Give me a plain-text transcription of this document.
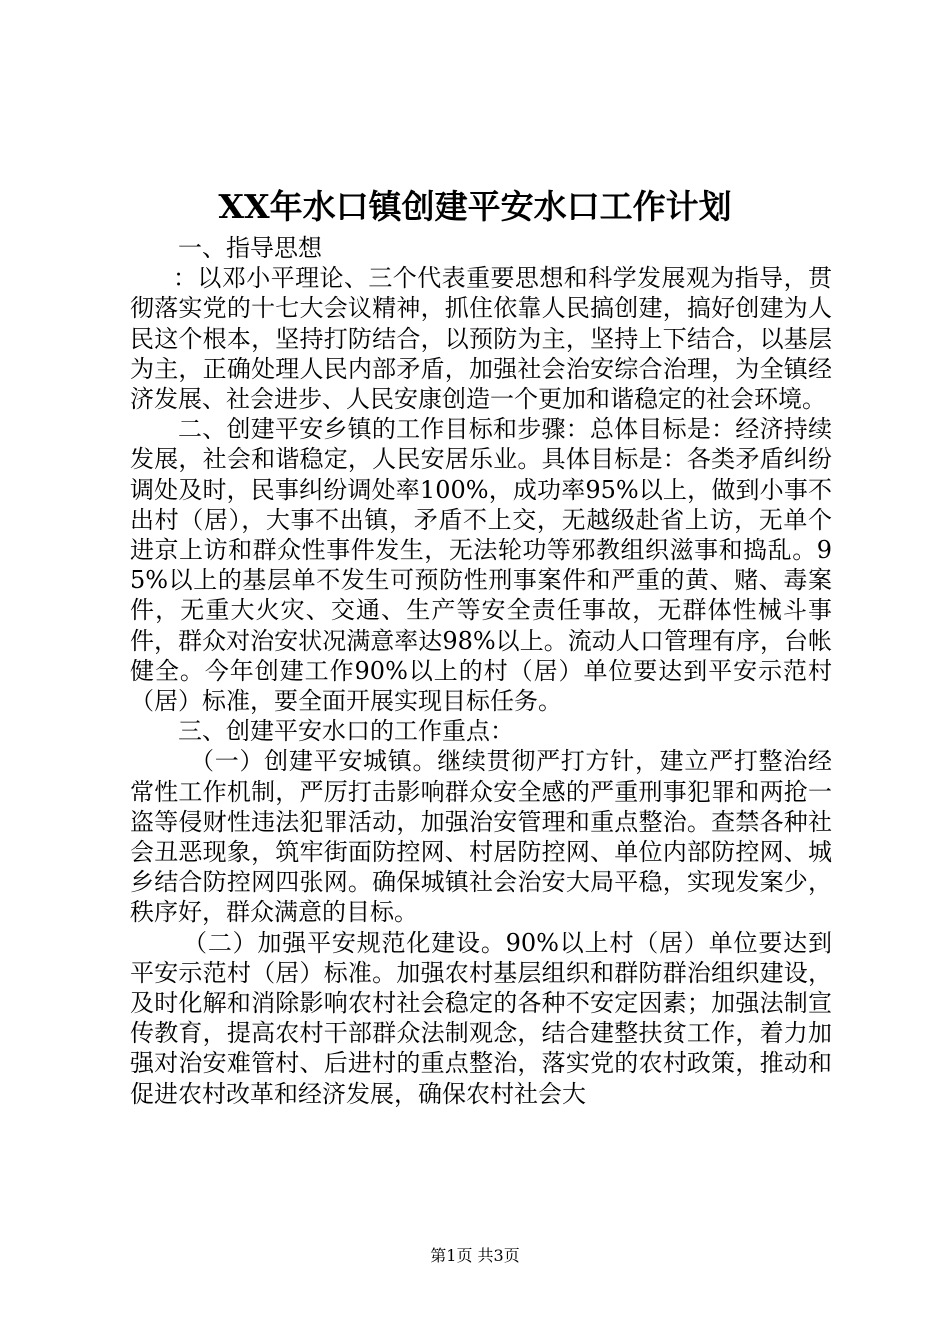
XX年水口镇创建平安水口工作计划

一、指导思想

：以邓小平理论、三个代表重要思想和科学发展观为指导，贯彻落实党的十七大会议精神，抓住依靠人民搞创建，搞好创建为人民这个根本，坚持打防结合，以预防为主，坚持上下结合，以基层为主，正确处理人民内部矛盾，加强社会治安综合治理，为全镇经济发展、社会进步、人民安康创造一个更加和谐稳定的社会环境。

二、创建平安乡镇的工作目标和步骤：总体目标是：经济持续发展，社会和谐稳定，人民安居乐业。具体目标是：各类矛盾纠纷调处及时，民事纠纷调处率100%，成功率95%以上，做到小事不出村（居），大事不出镇，矛盾不上交，无越级赴省上访，无单个进京上访和群众性事件发生，无法轮功等邪教组织滋事和捣乱。95%以上的基层单不发生可预防性刑事案件和严重的黄、赌、毒案件，无重大火灾、交通、生产等安全责任事故，无群体性械斗事件，群众对治安状况满意率达98%以上。流动人口管理有序，台帐健全。今年创建工作90%以上的村（居）单位要达到平安示范村（居）标准，要全面开展实现目标任务。

三、创建平安水口的工作重点：

（一）创建平安城镇。继续贯彻严打方针，建立严打整治经常性工作机制，严厉打击影响群众安全感的严重刑事犯罪和两抢一盗等侵财性违法犯罪活动，加强治安管理和重点整治。查禁各种社会丑恶现象，筑牢街面防控网、村居防控网、单位内部防控网、城乡结合防控网四张网。确保城镇社会治安大局平稳，实现发案少，秩序好，群众满意的目标。

（二）加强平安规范化建设。90%以上村（居）单位要达到平安示范村（居）标准。加强农村基层组织和群防群治组织建设，及时化解和消除影响农村社会稳定的各种不安定因素；加强法制宣传教育，提高农村干部群众法制观念，结合建整扶贫工作，着力加强对治安难管村、后进村的重点整治，落实党的农村政策，推动和促进农村改革和经济发展，确保农村社会大

第1页 共3页
